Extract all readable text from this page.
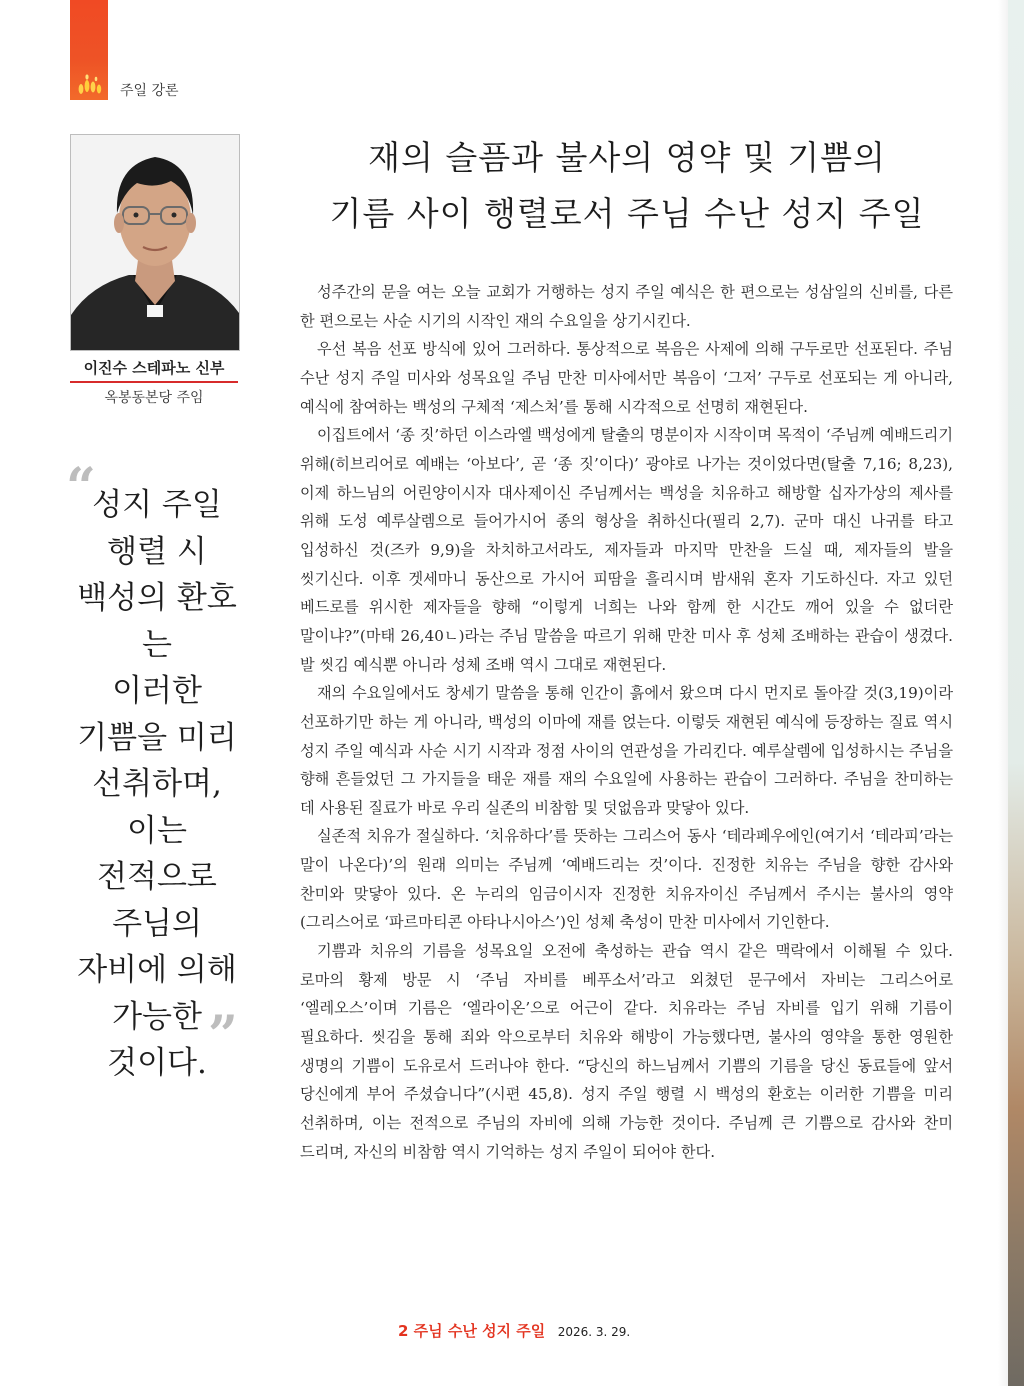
주일 강론
이진수 스테파노 신부
옥봉동본당 주임
“
성지 주일
행렬 시
백성의 환호는
이러한
기쁨을 미리
선취하며,
이는
전적으로
주님의
자비에 의해
가능한
것이다. ”
재의 슬픔과 불사의 영약 및 기쁨의
기름 사이 행렬로서 주님 수난 성지 주일

성주간의 문을 여는 오늘 교회가 거행하는 성지 주일 예식은 한 편으로는 성삼일의 신비를, 다른 한 편으로는 사순 시기의 시작인 재의 수요일을 상기시킨다.

우선 복음 선포 방식에 있어 그러하다. 통상적으로 복음은 사제에 의해 구두로만 선포된다. 주님 수난 성지 주일 미사와 성목요일 주님 만찬 미사에서만 복음이 ‘그저’ 구두로 선포되는 게 아니라, 예식에 참여하는 백성의 구체적 ‘제스처’를 통해 시각적으로 선명히 재현된다.

이집트에서 ‘종 짓’하던 이스라엘 백성에게 탈출의 명분이자 시작이며 목적이 ‘주님께 예배드리기 위해(히브리어로 예배는 ‘아보다’, 곧 ‘종 짓’이다)’ 광야로 나가는 것이었다면(탈출 7,16; 8,23), 이제 하느님의 어린양이시자 대사제이신 주님께서는 백성을 치유하고 해방할 십자가상의 제사를 위해 도성 예루살렘으로 들어가시어 종의 형상을 취하신다(필리 2,7). 군마 대신 나귀를 타고 입성하신 것(즈카 9,9)을 차치하고서라도, 제자들과 마지막 만찬을 드실 때, 제자들의 발을 씻기신다. 이후 겟세마니 동산으로 가시어 피땀을 흘리시며 밤새워 혼자 기도하신다. 자고 있던 베드로를 위시한 제자들을 향해 “이렇게 너희는 나와 함께 한 시간도 깨어 있을 수 없더란 말이냐?”(마태 26,40ㄴ)라는 주님 말씀을 따르기 위해 만찬 미사 후 성체 조배하는 관습이 생겼다. 발 씻김 예식뿐 아니라 성체 조배 역시 그대로 재현된다.

재의 수요일에서도 창세기 말씀을 통해 인간이 흙에서 왔으며 다시 먼지로 돌아갈 것(3,19)이라 선포하기만 하는 게 아니라, 백성의 이마에 재를 얹는다. 이렇듯 재현된 예식에 등장하는 질료 역시 성지 주일 예식과 사순 시기 시작과 정점 사이의 연관성을 가리킨다. 예루살렘에 입성하시는 주님을 향해 흔들었던 그 가지들을 태운 재를 재의 수요일에 사용하는 관습이 그러하다. 주님을 찬미하는 데 사용된 질료가 바로 우리 실존의 비참함 및 덧없음과 맞닿아 있다.

실존적 치유가 절실하다. ‘치유하다’를 뜻하는 그리스어 동사 ‘테라페우에인(여기서 ‘테라피’라는 말이 나온다)’의 원래 의미는 주님께 ‘예배드리는 것’이다. 진정한 치유는 주님을 향한 감사와 찬미와 맞닿아 있다. 온 누리의 임금이시자 진정한 치유자이신 주님께서 주시는 불사의 영약(그리스어로 ‘파르마티콘 아타나시아스’)인 성체 축성이 만찬 미사에서 기인한다.

기쁨과 치유의 기름을 성목요일 오전에 축성하는 관습 역시 같은 맥락에서 이해될 수 있다. 로마의 황제 방문 시 ‘주님 자비를 베푸소서’라고 외쳤던 문구에서 자비는 그리스어로 ‘엘레오스’이며 기름은 ‘엘라이온’으로 어근이 같다. 치유라는 주님 자비를 입기 위해 기름이 필요하다. 씻김을 통해 죄와 악으로부터 치유와 해방이 가능했다면, 불사의 영약을 통한 영원한 생명의 기쁨이 도유로서 드러나야 한다. “당신의 하느님께서 기쁨의 기름을 당신 동료들에 앞서 당신에게 부어 주셨습니다”(시편 45,8). 성지 주일 행렬 시 백성의 환호는 이러한 기쁨을 미리 선취하며, 이는 전적으로 주님의 자비에 의해 가능한 것이다. 주님께 큰 기쁨으로 감사와 찬미 드리며, 자신의 비참함 역시 기억하는 성지 주일이 되어야 한다.

2 주님 수난 성지 주일 2026. 3. 29.
